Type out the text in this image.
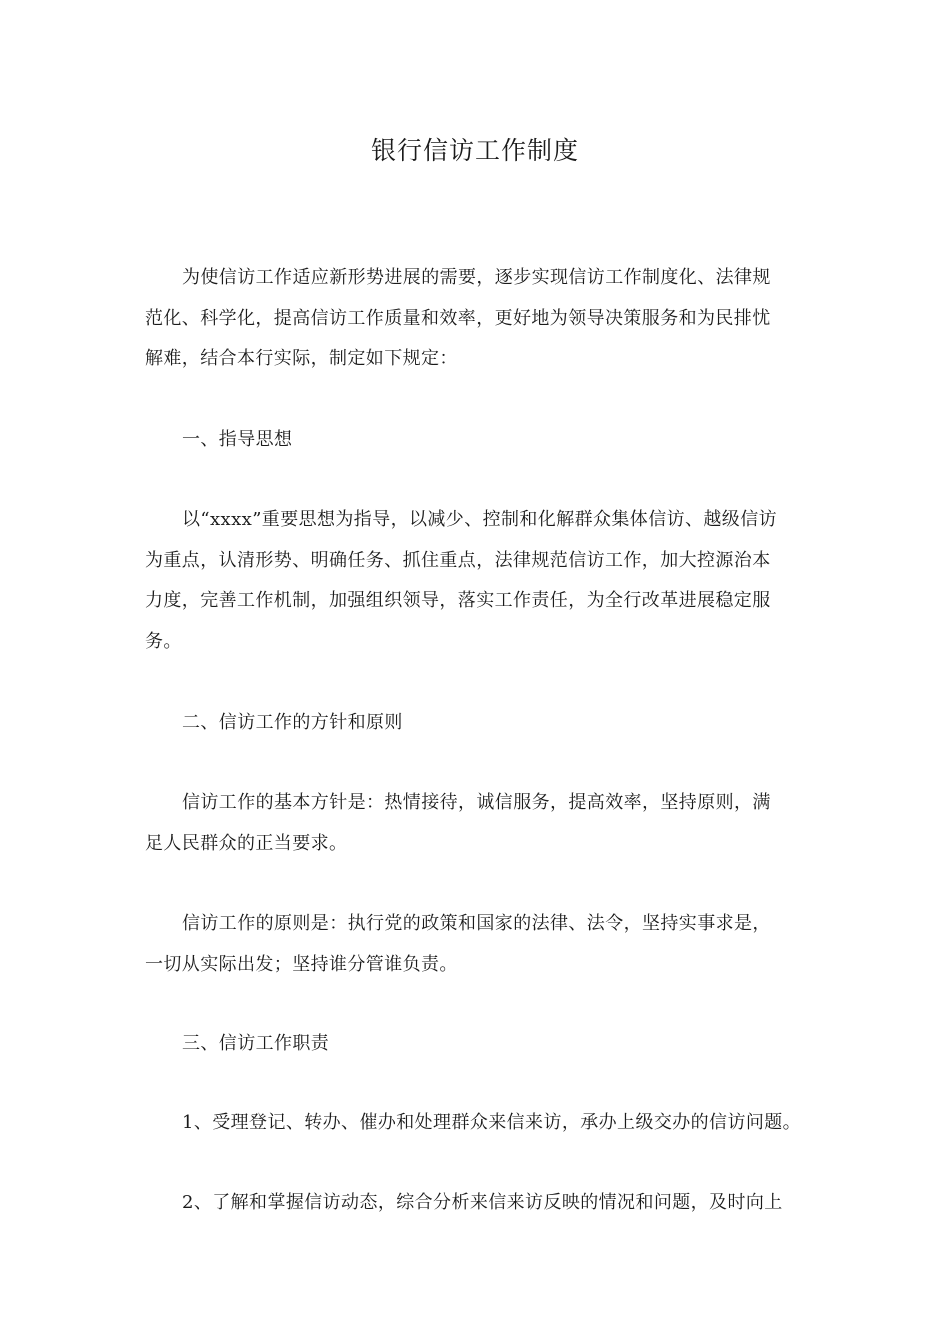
银行信访工作制度

为使信访工作适应新形势进展的需要，逐步实现信访工作制度化、法律规
范化、科学化，提高信访工作质量和效率，更好地为领导决策服务和为民排忧
解难，结合本行实际，制定如下规定：

一、指导思想

以“xxxx”重要思想为指导，以减少、控制和化解群众集体信访、越级信访
为重点，认清形势、明确任务、抓住重点，法律规范信访工作，加大控源治本
力度，完善工作机制，加强组织领导，落实工作责任，为全行改革进展稳定服
务。

二、信访工作的方针和原则

信访工作的基本方针是：热情接待，诚信服务，提高效率，坚持原则，满
足人民群众的正当要求。

信访工作的原则是：执行党的政策和国家的法律、法令，坚持实事求是，
一切从实际出发；坚持谁分管谁负责。

三、信访工作职责

1、受理登记、转办、催办和处理群众来信来访，承办上级交办的信访问题。

2、了解和掌握信访动态，综合分析来信来访反映的情况和问题，及时向上
